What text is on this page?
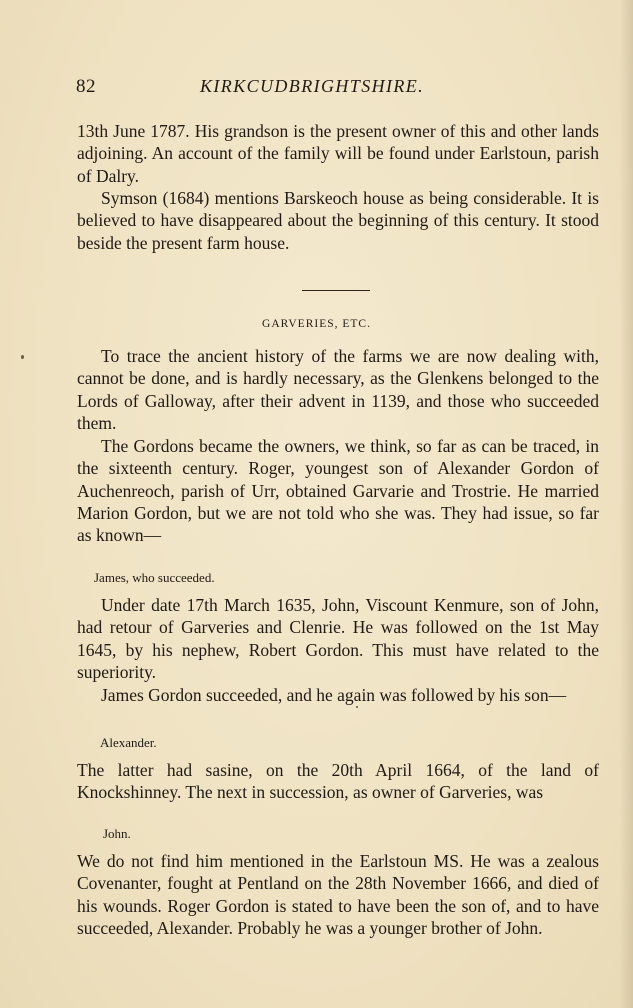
82	KIRKCUDBRIGHTSHIRE.

13th June 1787. His grandson is the present owner of this and other lands adjoining. An account of the family will be found under Earlstoun, parish of Dalry.

Symson (1684) mentions Barskeoch house as being considerable. It is believed to have disappeared about the beginning of this century. It stood beside the present farm house.

GARVERIES, ETC.

To trace the ancient history of the farms we are now dealing with, cannot be done, and is hardly necessary, as the Glenkens belonged to the Lords of Galloway, after their advent in 1139, and those who succeeded them.

The Gordons became the owners, we think, so far as can be traced, in the sixteenth century. Roger, youngest son of Alexander Gordon of Auchenreoch, parish of Urr, obtained Garvarie and Trostrie. He married Marion Gordon, but we are not told who she was. They had issue, so far as known—

James, who succeeded.

Under date 17th March 1635, John, Viscount Kenmure, son of John, had retour of Garveries and Clenrie. He was followed on the 1st May 1645, by his nephew, Robert Gordon. This must have related to the superiority.

James Gordon succeeded, and he again was followed by his son—

Alexander.

The latter had sasine, on the 20th April 1664, of the land of Knockshinney. The next in succession, as owner of Garveries, was

John.

We do not find him mentioned in the Earlstoun MS. He was a zealous Covenanter, fought at Pentland on the 28th November 1666, and died of his wounds. Roger Gordon is stated to have been the son of, and to have succeeded, Alexander. Probably he was a younger brother of John.
